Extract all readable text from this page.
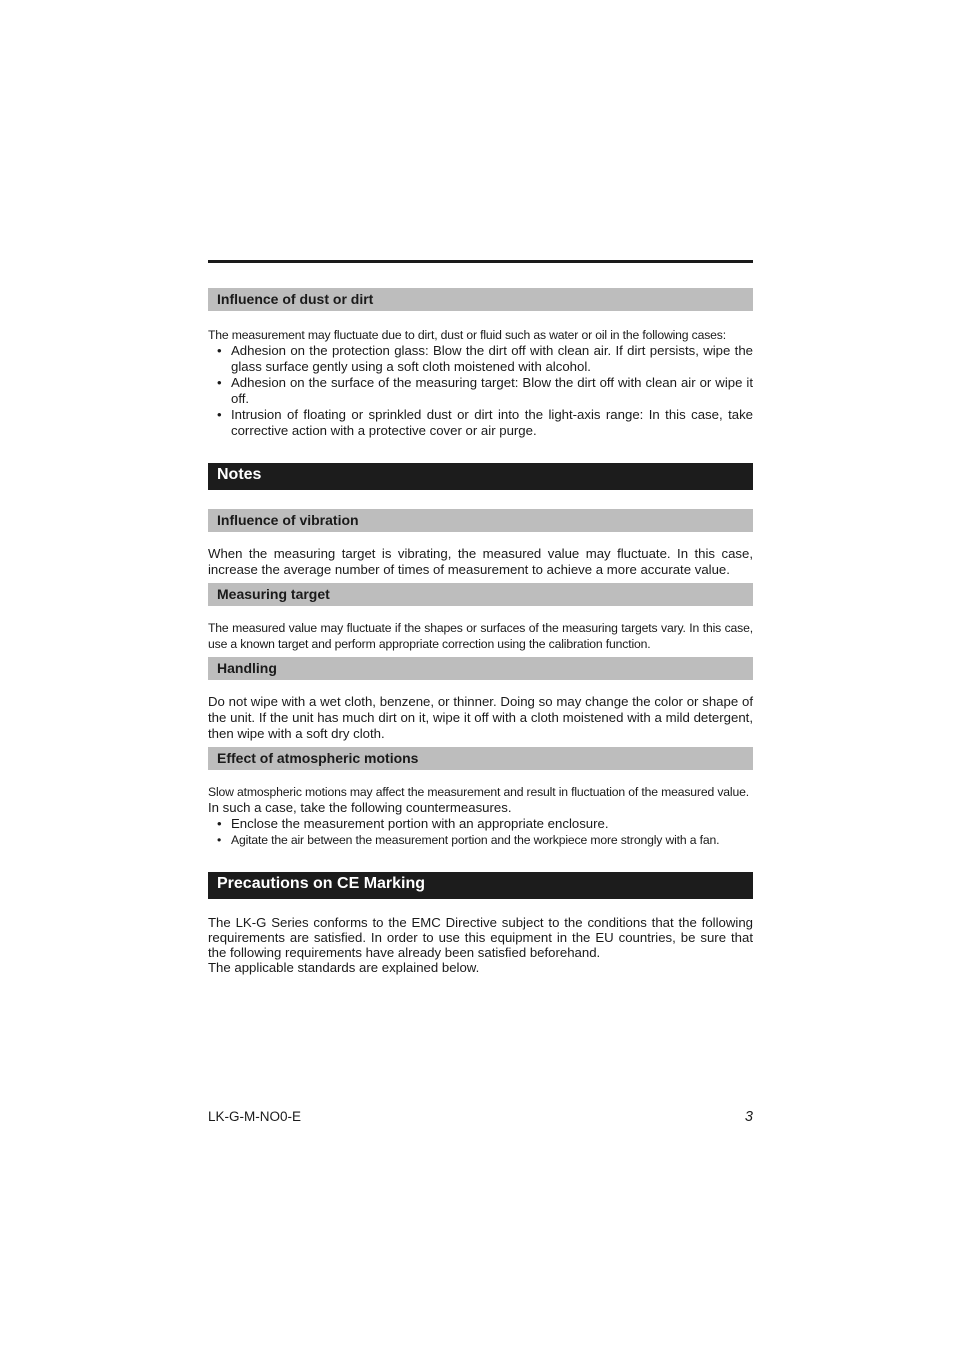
Influence of dust or dirt

The measurement may fluctuate due to dirt, dust or fluid such as water or oil in the following cases:

• Adhesion on the protection glass: Blow the dirt off with clean air. If dirt persists, wipe the glass surface gently using a soft cloth moistened with alcohol.
• Adhesion on the surface of the measuring target: Blow the dirt off with clean air or wipe it off.
• Intrusion of floating or sprinkled dust or dirt into the light-axis range: In this case, take corrective action with a protective cover or air purge.
Notes
Influence of vibration

When the measuring target is vibrating, the measured value may fluctuate. In this case, increase the average number of times of measurement to achieve a more accurate value.

Measuring target

The measured value may fluctuate if the shapes or surfaces of the measuring targets vary. In this case, use a known target and perform appropriate correction using the calibration function.

Handling

Do not wipe with a wet cloth, benzene, or thinner. Doing so may change the color or shape of the unit. If the unit has much dirt on it, wipe it off with a cloth moistened with a mild detergent, then wipe with a soft dry cloth.

Effect of atmospheric motions

Slow atmospheric motions may affect the measurement and result in fluctuation of the measured value.

In such a case, take the following countermeasures.

• Enclose the measurement portion with an appropriate enclosure.
• Agitate the air between the measurement portion and the workpiece more strongly with a fan.
Precautions on CE Marking

The LK-G Series conforms to the EMC Directive subject to the conditions that the following requirements are satisfied. In order to use this equipment in the EU countries, be sure that the following requirements have already been satisfied beforehand.

The applicable standards are explained below.

LK-G-M-NO0-E	3
